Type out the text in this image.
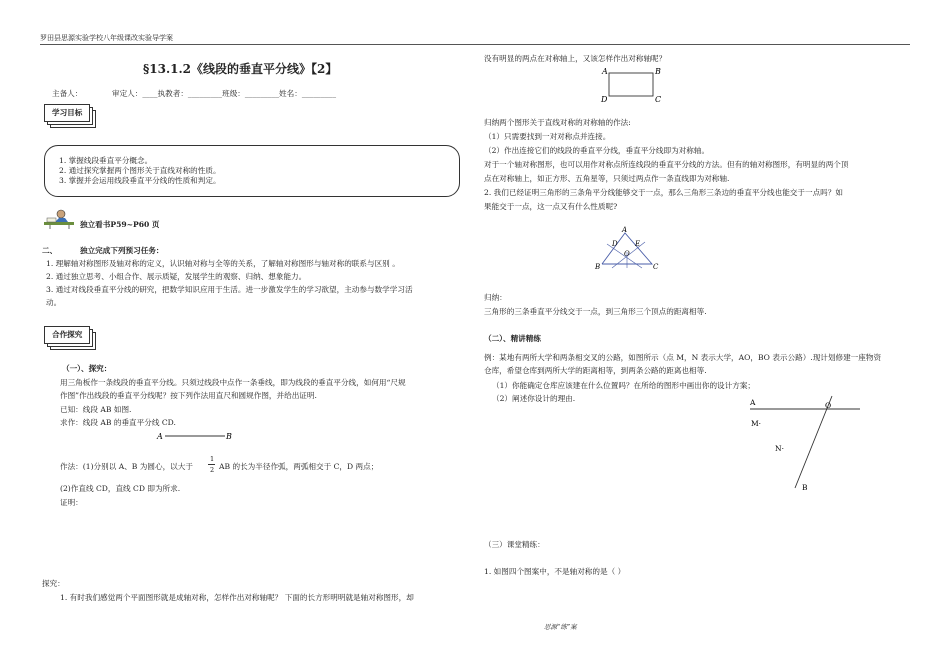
罗田县思源实验学校八年级课改实验导学案
§13.1.2《线段的垂直平分线》【2】
主备人：	审定人：____执教者：_________班级：_________姓名：_________
学习目标
1. 掌握线段垂直平分概念。
2. 通过探究掌握两个图形关于直线对称的性质。
3. 掌握并会运用线段垂直平分线的性质和判定。
独立看书P59~P60 页
二、	独立完成下列预习任务：
1. 理解轴对称图形及轴对称的定义，认识轴对称与全等的关系，了解轴对称图形与轴对称的联系与区别 。
2. 通过独立思考、小组合作、展示质疑，发展学生的观察、归纳、想象能力。
3. 通过对线段垂直平分线的研究，把数学知识应用于生活。进一步激发学生的学习欲望，主动参与数学学习活
动。
合作探究
（一）、探究：
用三角板作一条线段的垂直平分线。只须过线段中点作一条垂线，即为线段的垂直平分线，如何用“尺规
作图”作出线段的垂直平分线呢？按下列作法用直尺和圆规作图，并给出证明.
已知：线段 AB 如图.
求作：线段 AB 的垂直平分线 CD.
A	B
作法：(1)分别以 A、B 为圆心，以大于
1
2 AB 的长为半径作弧，两弧相交于 C，D 两点；
(2)作直线 CD，直线 CD 即为所求.
证明：
探究：
1. 有时我们感觉两个平面图形就是成轴对称，怎样作出对称轴呢？ 下面的长方形明明就是轴对称图形，却
没有明显的两点在对称轴上，又该怎样作出对称轴呢？
A	B
C
D
归纳两个图形关于直线对称的对称轴的作法:
（1）只需要找到一对对称点并连接。
（2）作出连接它们的线段的垂直平分线，垂直平分线即为对称轴。
对于一个轴对称图形，也可以用作对称点所连线段的垂直平分线的方法。但有的轴对称图形，有明显的两个顶
点在对称轴上，如正方形、五角星等，只须过两点作一条直线即为对称轴.
2. 我们已经证明三角形的三条角平分线能够交于一点，那么三角形三条边的垂直平分线也能交于一点吗？如
果能交于一点，这一点又有什么性质呢?
A
B	C
D E
O
归纳：
三角形的三条垂直平分线交于一点，到三角形三个顶点的距离相等.
（二）、精讲精练
例：某地有两所大学和两条相交叉的公路，如图所示（点 M，N 表示大学，AO，BO 表示公路）.现计划修建一座物资
仓库，希望仓库到两所大学的距离相等，到两条公路的距离也相等.
（1）你能确定仓库应该建在什么位置吗？在所给的图形中画出你的设计方案；
（2）阐述你设计的理由.	A	O
M·
N·
B
（三）课堂精练：
1. 如图四个图案中，不是轴对称的是（ ）
思源“练”案
